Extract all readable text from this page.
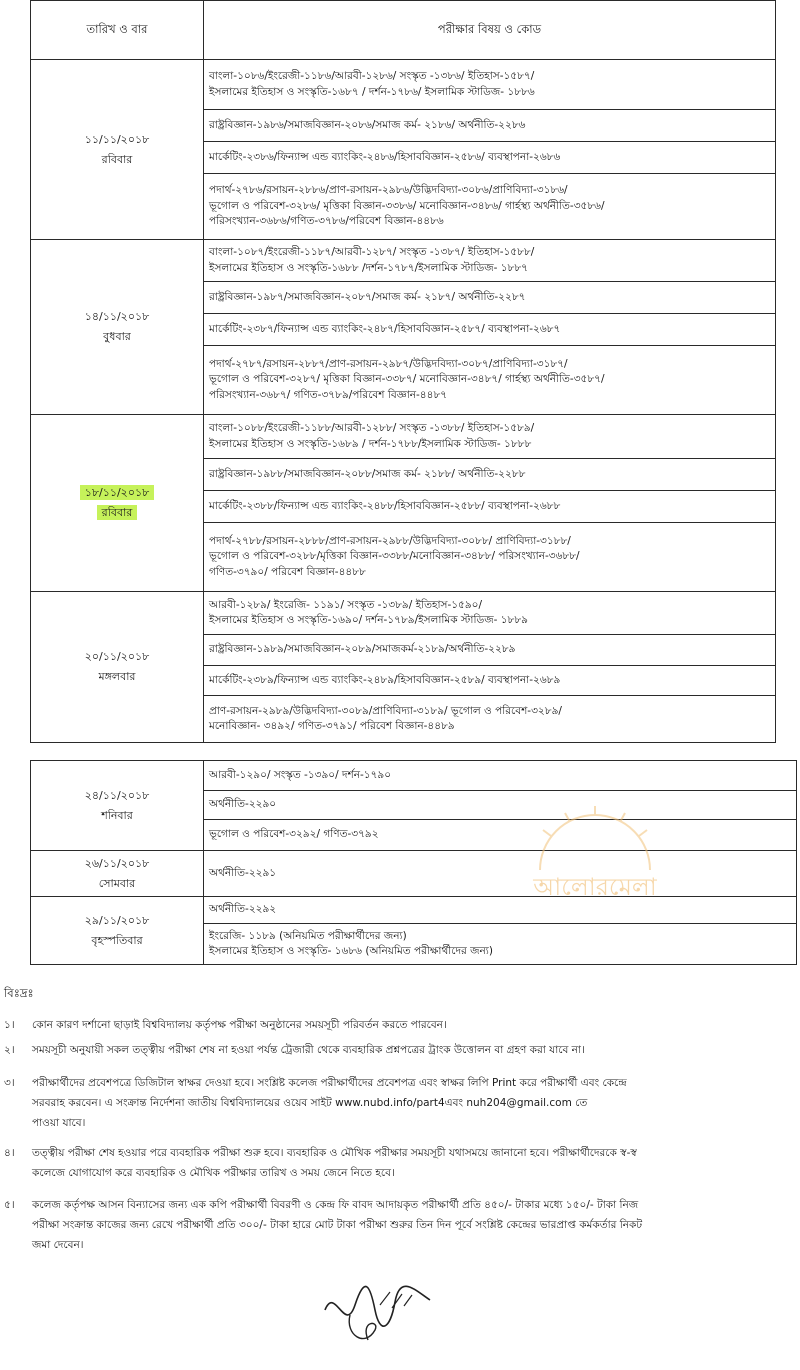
তারিখ ও বার	পরীক্ষার বিষয় ও কোড
১১/১১/২০১৮
রবিবার	বাংলা-১০৮৬/ইংরেজী-১১৮৬/আরবী-১২৮৬/ সংস্কৃত -১৩৮৬/ ইতিহাস-১৫৮৭/
ইসলামের ইতিহাস ও সংস্কৃতি-১৬৮৭ / দর্শন-১৭৮৬/ ইসলামিক স্টাডিজ- ১৮৮৬
	রাষ্ট্রবিজ্ঞান-১৯৮৬/সমাজবিজ্ঞান-২০৮৬/সমাজ কর্ম- ২১৮৬/ অর্থনীতি-২২৮৬
	মার্কেটিং-২৩৮৬/ফিন্যান্স এন্ড ব্যাংকিং-২৪৮৬/হিসাববিজ্ঞান-২৫৮৬/ ব্যবস্থাপনা-২৬৮৬
	পদার্থ-২৭৮৬/রসায়ন-২৮৮৬/প্রাণ-রসায়ন-২৯৮৬/উদ্ভিদবিদ্যা-৩০৮৬/প্রাণিবিদ্যা-৩১৮৬/
ভূগোল ও পরিবেশ-৩২৮৬/ মৃত্তিকা বিজ্ঞান-৩৩৮৬/ মনোবিজ্ঞান-৩৪৮৬/ গার্হস্থ্য অর্থনীতি-৩৫৮৬/
পরিসংখ্যান-৩৬৮৬/গণিত-৩৭৮৬/পরিবেশ বিজ্ঞান-৪৪৮৬
১৪/১১/২০১৮
বুধবার	বাংলা-১০৮৭/ইংরেজী-১১৮৭/আরবী-১২৮৭/ সংস্কৃত -১৩৮৭/ ইতিহাস-১৫৮৮/
ইসলামের ইতিহাস ও সংস্কৃতি-১৬৮৮ /দর্শন-১৭৮৭/ইসলামিক স্টাডিজ- ১৮৮৭
	রাষ্ট্রবিজ্ঞান-১৯৮৭/সমাজবিজ্ঞান-২০৮৭/সমাজ কর্ম- ২১৮৭/ অর্থনীতি-২২৮৭
	মার্কেটিং-২৩৮৭/ফিন্যান্স এন্ড ব্যাংকিং-২৪৮৭/হিসাববিজ্ঞান-২৫৮৭/ ব্যবস্থাপনা-২৬৮৭
	পদার্থ-২৭৮৭/রসায়ন-২৮৮৭/প্রাণ-রসায়ন-২৯৮৭/উদ্ভিদবিদ্যা-৩০৮৭/প্রাণিবিদ্যা-৩১৮৭/
ভূগোল ও পরিবেশ-৩২৮৭/ মৃত্তিকা বিজ্ঞান-৩৩৮৭/ মনোবিজ্ঞান-৩৪৮৭/ গার্হস্থ্য অর্থনীতি-৩৫৮৭/
পরিসংখ্যান-৩৬৮৭/ গণিত-৩৭৮৯/পরিবেশ বিজ্ঞান-৪৪৮৭
১৮/১১/২০১৮
রবিবার	বাংলা-১০৮৮/ইংরেজী-১১৮৮/আরবী-১২৮৮/ সংস্কৃত -১৩৮৮/ ইতিহাস-১৫৮৯/
ইসলামের ইতিহাস ও সংস্কৃতি-১৬৮৯ / দর্শন-১৭৮৮/ইসলামিক স্টাডিজ- ১৮৮৮
	রাষ্ট্রবিজ্ঞান-১৯৮৮/সমাজবিজ্ঞান-২০৮৮/সমাজ কর্ম- ২১৮৮/ অর্থনীতি-২২৮৮
	মার্কেটিং-২৩৮৮/ফিন্যান্স এন্ড ব্যাংকিং-২৪৮৮/হিসাববিজ্ঞান-২৫৮৮/ ব্যবস্থাপনা-২৬৮৮
	পদার্থ-২৭৮৮/রসায়ন-২৮৮৮/প্রাণ-রসায়ন-২৯৮৮/উদ্ভিদবিদ্যা-৩০৮৮/ প্রাণিবিদ্যা-৩১৮৮/
ভূগোল ও পরিবেশ-৩২৮৮/মৃত্তিকা বিজ্ঞান-৩৩৮৮/মনোবিজ্ঞান-৩৪৮৮/ পরিসংখ্যান-৩৬৮৮/
গণিত-৩৭৯০/ পরিবেশ বিজ্ঞান-৪৪৮৮
২০/১১/২০১৮
মঙ্গলবার	আরবী-১২৮৯/ ইংরেজি- ১১৯১/ সংস্কৃত -১৩৮৯/ ইতিহাস-১৫৯০/
ইসলামের ইতিহাস ও সংস্কৃতি-১৬৯০/ দর্শন-১৭৮৯/ইসলামিক স্টাডিজ- ১৮৮৯
	রাষ্ট্রবিজ্ঞান-১৯৮৯/সমাজবিজ্ঞান-২০৮৯/সমাজকর্ম-২১৮৯/অর্থনীতি-২২৮৯
	মার্কেটিং-২৩৮৯/ফিন্যান্স এন্ড ব্যাংকিং-২৪৮৯/হিসাববিজ্ঞান-২৫৮৯/ ব্যবস্থাপনা-২৬৮৯
	প্রাণ-রসায়ন-২৯৮৯/উদ্ভিদবিদ্যা-৩০৮৯/প্রাণিবিদ্যা-৩১৮৯/ ভূগোল ও পরিবেশ-৩২৮৯/
মনোবিজ্ঞান- ৩৪৯২/ গণিত-৩৭৯১/ পরিবেশ বিজ্ঞান-৪৪৮৯
২৪/১১/২০১৮
শনিবার	আরবী-১২৯০/ সংস্কৃত -১৩৯০/ দর্শন-১৭৯০
	অর্থনীতি-২২৯০
	ভূগোল ও পরিবেশ-৩২৯২/ গণিত-৩৭৯২
২৬/১১/২০১৮
সোমবার	অর্থনীতি-২২৯১
২৯/১১/২০১৮
বৃহস্পতিবার	অর্থনীতি-২২৯২
	ইংরেজি- ১১৮৯ (অনিয়মিত পরীক্ষার্থীদের জন্য)
ইসলামের ইতিহাস ও সংস্কৃতি- ১৬৮৬ (অনিয়মিত পরীক্ষার্থীদের জন্য)
আলোরমেলা
বিঃদ্রঃ
১।	কোন কারণ দর্শানো ছাড়াই বিশ্ববিদ্যালয় কর্তৃপক্ষ পরীক্ষা অনুষ্ঠানের সময়সূচী পরিবর্তন করতে পারবেন।
২।	সময়সূচী অনুযায়ী সকল তত্ত্বীয় পরীক্ষা শেষ না হওয়া পর্যন্ত ট্রেজারী থেকে ব্যবহারিক প্রশ্নপত্রের ট্রাংক উত্তোলন বা গ্রহণ করা যাবে না।
৩।	পরীক্ষার্থীদের প্রবেশপত্রে ডিজিটাল স্বাক্ষর দেওয়া হবে। সংশ্লিষ্ট কলেজ পরীক্ষার্থীদের প্রবেশপত্র এবং স্বাক্ষর লিপি Print করে পরীক্ষার্থী এবং কেন্দ্রে
সরবরাহ করবেন। এ সংক্রান্ত নির্দেশনা জাতীয় বিশ্ববিদ্যালয়ের ওয়েব সাইট www.nubd.info/part4এবং nuh204@gmail.com তে
পাওয়া যাবে।
৪।	তত্ত্বীয় পরীক্ষা শেষ হওয়ার পরে ব্যবহারিক পরীক্ষা শুরু হবে। ব্যবহারিক ও মৌখিক পরীক্ষার সময়সূচী যথাসময়ে জানানো হবে। পরীক্ষার্থীদেরকে স্ব-স্ব
কলেজে যোগাযোগ করে ব্যবহারিক ও মৌখিক পরীক্ষার তারিখ ও সময় জেনে নিতে হবে।
৫।	কলেজ কর্তৃপক্ষ আসন বিন্যাসের জন্য এক কপি পরীক্ষার্থী বিবরণী ও কেন্দ্র ফি বাবদ আদায়কৃত পরীক্ষার্থী প্রতি ৪৫০/- টাকার মধ্যে ১৫০/- টাকা নিজ
পরীক্ষা সংক্রান্ত কাজের জন্য রেখে পরীক্ষার্থী প্রতি ৩০০/- টাকা হারে মোট টাকা পরীক্ষা শুরুর তিন দিন পূর্বে সংশ্লিষ্ট কেন্দ্রের ভারপ্রাপ্ত কর্মকর্তার নিকট
জমা দেবেন।
